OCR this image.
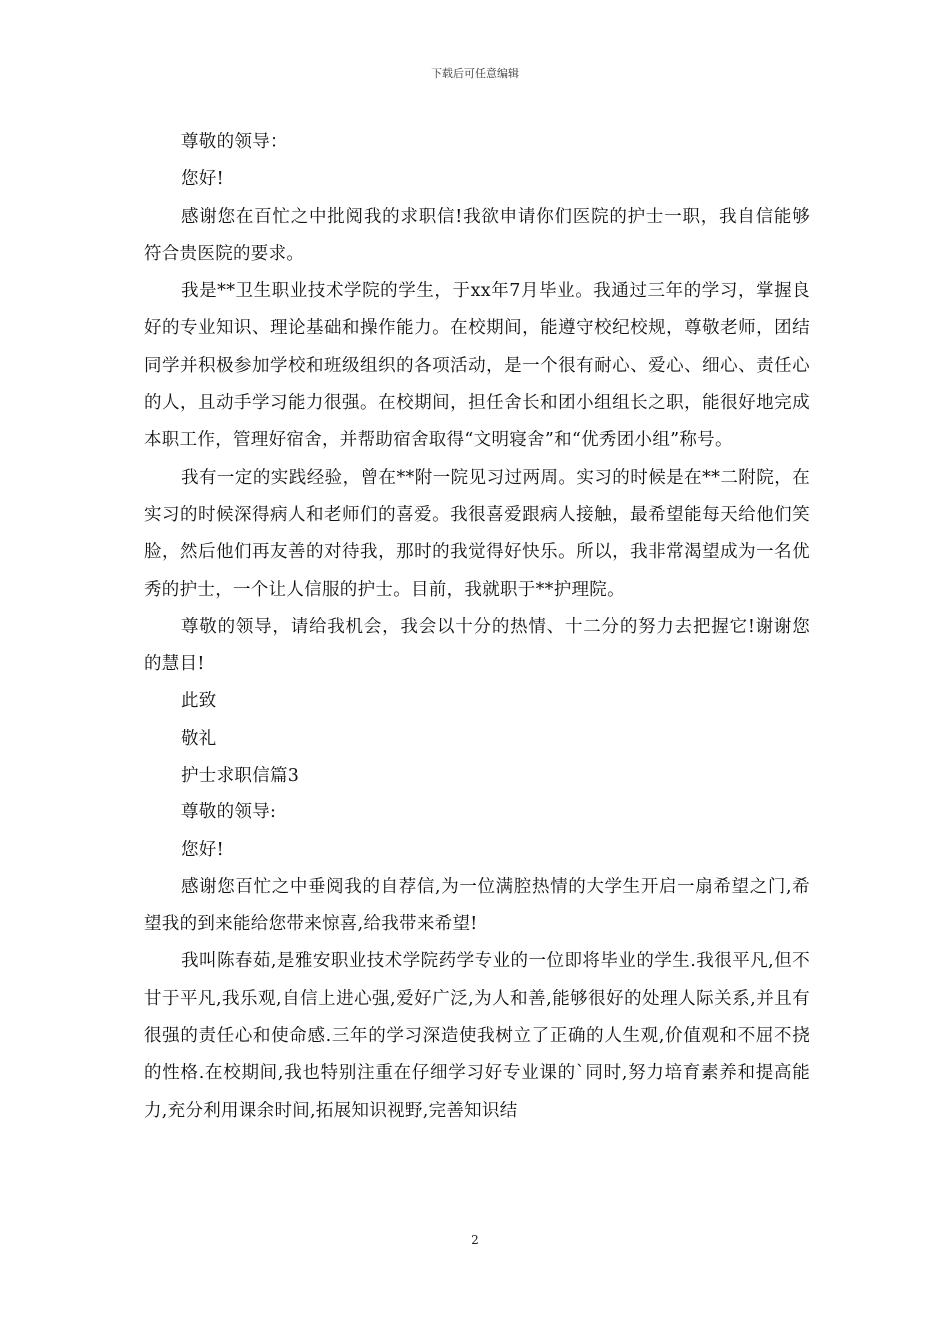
下载后可任意编辑

尊敬的领导：

您好!

感谢您在百忙之中批阅我的求职信!我欲申请你们医院的护士一职，我自信能够符合贵医院的要求。

我是**卫生职业技术学院的学生，于xx年7月毕业。我通过三年的学习，掌握良好的专业知识、理论基础和操作能力。在校期间，能遵守校纪校规，尊敬老师，团结同学并积极参加学校和班级组织的各项活动，是一个很有耐心、爱心、细心、责任心的人，且动手学习能力很强。在校期间，担任舍长和团小组组长之职，能很好地完成本职工作，管理好宿舍，并帮助宿舍取得“文明寝舍”和“优秀团小组”称号。

我有一定的实践经验，曾在**附一院见习过两周。实习的时候是在**二附院，在实习的时候深得病人和老师们的喜爱。我很喜爱跟病人接触，最希望能每天给他们笑脸，然后他们再友善的对待我，那时的我觉得好快乐。所以，我非常渴望成为一名优秀的护士，一个让人信服的护士。目前，我就职于**护理院。

尊敬的领导，请给我机会，我会以十分的热情、十二分的努力去把握它!谢谢您的慧目!

此致

敬礼

护士求职信篇3

尊敬的领导:

您好!

感谢您百忙之中垂阅我的自荐信,为一位满腔热情的大学生开启一扇希望之门,希望我的到来能给您带来惊喜,给我带来希望!

我叫陈春茹,是雅安职业技术学院药学专业的一位即将毕业的学生.我很平凡,但不甘于平凡,我乐观,自信上进心强,爱好广泛,为人和善,能够很好的处理人际关系,并且有很强的责任心和使命感.三年的学习深造使我树立了正确的人生观,价值观和不屈不挠的性格.在校期间,我也特别注重在仔细学习好专业课的`同时,努力培育素养和提高能力,充分利用课余时间,拓展知识视野,完善知识结

2
